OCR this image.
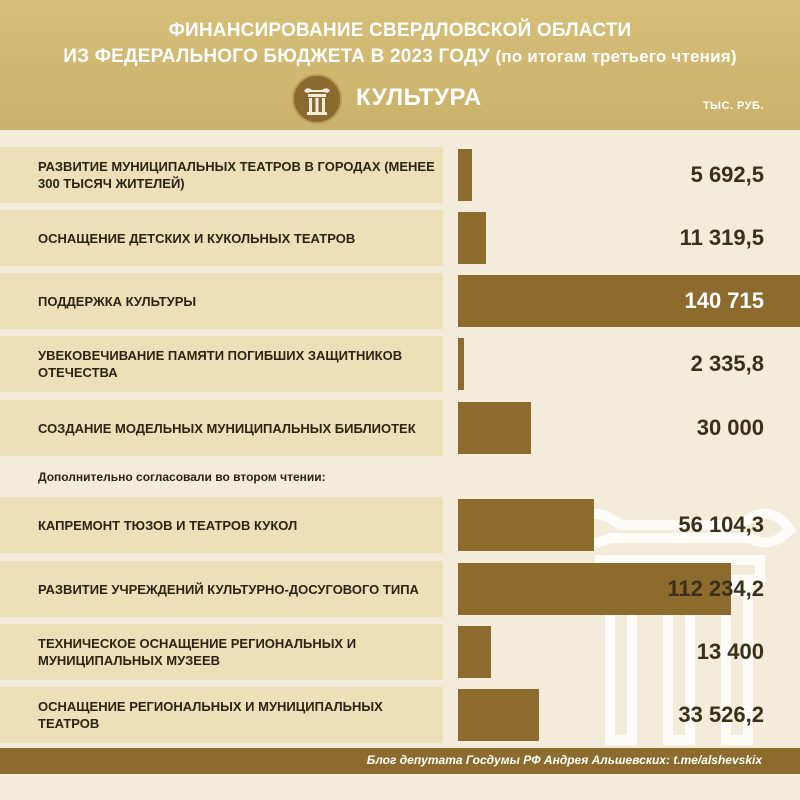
ФИНАНСИРОВАНИЕ СВЕРДЛОВСКОЙ ОБЛАСТИ
ИЗ ФЕДЕРАЛЬНОГО БЮДЖЕТА В 2023 ГОДУ (по итогам третьего чтения)
КУЛЬТУРА	ТЫС. РУБ.
РАЗВИТИЕ МУНИЦИПАЛЬНЫХ ТЕАТРОВ В ГОРОДАХ (МЕНЕЕ 300 ТЫСЯЧ ЖИТЕЛЕЙ)	5 692,5
ОСНАЩЕНИЕ ДЕТСКИХ И КУКОЛЬНЫХ ТЕАТРОВ	11 319,5
ПОДДЕРЖКА КУЛЬТУРЫ	140 715
УВЕКОВЕЧИВАНИЕ ПАМЯТИ ПОГИБШИХ ЗАЩИТНИКОВ ОТЕЧЕСТВА	2 335,8
СОЗДАНИЕ МОДЕЛЬНЫХ МУНИЦИПАЛЬНЫХ БИБЛИОТЕК	30 000
КАПРЕМОНТ ТЮЗОВ И ТЕАТРОВ КУКОЛ	56 104,3
РАЗВИТИЕ УЧРЕЖДЕНИЙ КУЛЬТУРНО-ДОСУГОВОГО ТИПА	112 234,2
ТЕХНИЧЕСКОЕ ОСНАЩЕНИЕ РЕГИОНАЛЬНЫХ И МУНИЦИПАЛЬНЫХ МУЗЕЕВ	13 400
ОСНАЩЕНИЕ РЕГИОНАЛЬНЫХ И МУНИЦИПАЛЬНЫХ ТЕАТРОВ	33 526,2
Дополнительно согласовали во втором чтении:
Блог депутата Госдумы РФ Андрея Альшевских: t.me/alshevskix
